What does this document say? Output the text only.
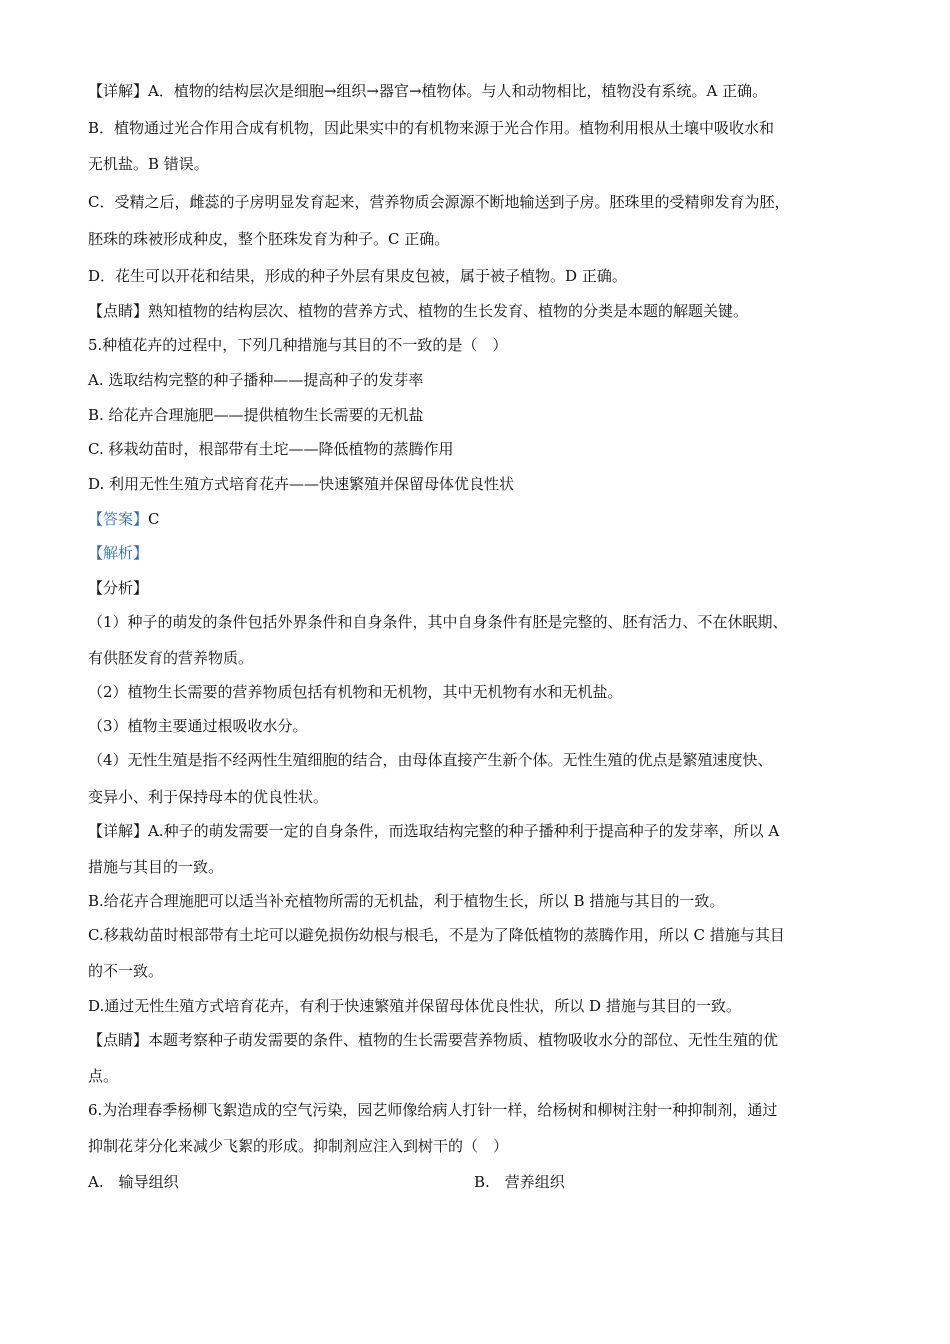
【详解】A．植物的结构层次是细胞→组织→器官→植物体。与人和动物相比，植物没有系统。A 正确。
B．植物通过光合作用合成有机物，因此果实中的有机物来源于光合作用。植物利用根从土壤中吸收水和
无机盐。B 错误。
C．受精之后，雌蕊的子房明显发育起来，营养物质会源源不断地输送到子房。胚珠里的受精卵发育为胚，
胚珠的珠被形成种皮，整个胚珠发育为种子。C 正确。
D．花生可以开花和结果，形成的种子外层有果皮包被，属于被子植物。D 正确。
【点睛】熟知植物的结构层次、植物的营养方式、植物的生长发育、植物的分类是本题的解题关键。
5.种植花卉的过程中，下列几种措施与其目的不一致的是（　）
A. 选取结构完整的种子播种——提高种子的发芽率
B. 给花卉合理施肥——提供植物生长需要的无机盐
C. 移栽幼苗时，根部带有土坨——降低植物的蒸腾作用
D. 利用无性生殖方式培育花卉——快速繁殖并保留母体优良性状
【答案】C
【解析】
【分析】
（1）种子的萌发的条件包括外界条件和自身条件，其中自身条件有胚是完整的、胚有活力、不在休眠期、
有供胚发育的营养物质。
（2）植物生长需要的营养物质包括有机物和无机物，其中无机物有水和无机盐。
（3）植物主要通过根吸收水分。
（4）无性生殖是指不经两性生殖细胞的结合，由母体直接产生新个体。无性生殖的优点是繁殖速度快、
变异小、利于保持母本的优良性状。
【详解】A.种子的萌发需要一定的自身条件，而选取结构完整的种子播种利于提高种子的发芽率，所以 A
措施与其目的一致。
B.给花卉合理施肥可以适当补充植物所需的无机盐，利于植物生长，所以 B 措施与其目的一致。
C.移栽幼苗时根部带有土坨可以避免损伤幼根与根毛，不是为了降低植物的蒸腾作用，所以 C 措施与其目
的不一致。
D.通过无性生殖方式培育花卉，有利于快速繁殖并保留母体优良性状，所以 D 措施与其目的一致。
【点睛】本题考察种子萌发需要的条件、植物的生长需要营养物质、植物吸收水分的部位、无性生殖的优
点。
6.为治理春季杨柳飞絮造成的空气污染，园艺师像给病人打针一样，给杨树和柳树注射一种抑制剂，通过
抑制花芽分化来减少飞絮的形成。抑制剂应注入到树干的（　）
A.　输导组织	B.　营养组织
